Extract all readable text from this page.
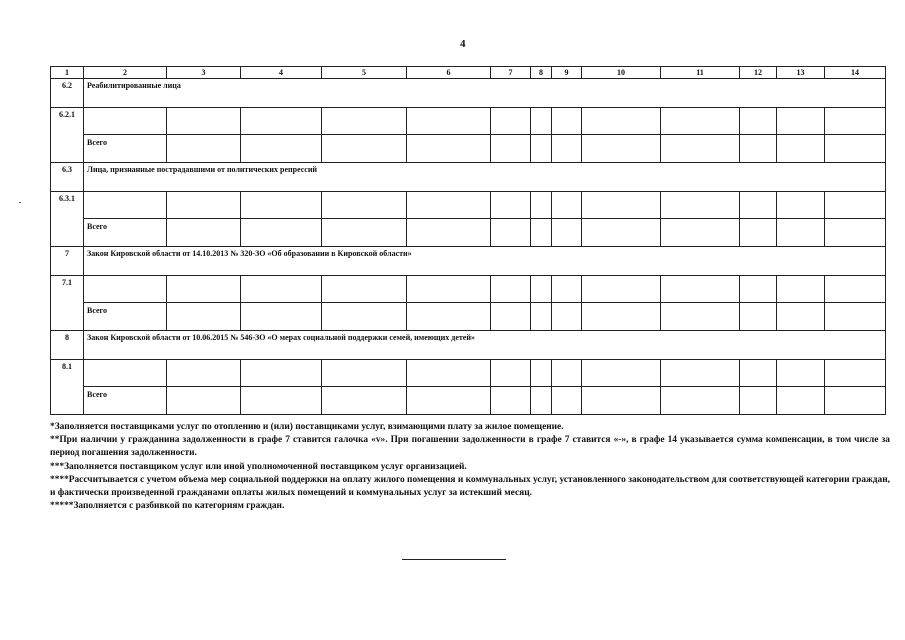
4
1	2	3	4	5	6	7	8	9	10	11	12	13	14
6.2	Реабилитированные лица												
6.2.1													
	Всего												
6.3	Лица, признанные пострадавшими от политических репрессий												
6.3.1													
	Всего												
7	Закон Кировской области от 14.10.2013 № 320-ЗО «Об образовании в Кировской области»												
7.1													
	Всего												
8	Закон Кировской области от 10.06.2015 № 546-ЗО «О мерах социальной поддержки семей, имеющих детей»												
8.1													
	Всего												

*Заполняется поставщиками услуг по отоплению и (или) поставщиками услуг, взимающими плату за жилое помещение.

**При наличии у гражданина задолженности в графе 7 ставится галочка «v». При погашении задолженности в графе 7 ставится «-», в графе 14 указывается сумма компенсации, в том числе за период погашения задолженности.

***Заполняется поставщиком услуг или иной уполномоченной поставщиком услуг организацией.

****Рассчитывается с учетом объема мер социальной поддержки на оплату жилого помещения и коммунальных услуг, установленного законодательством для соответствующей категории граждан, и фактически произведенной гражданами оплаты жилых помещений и коммунальных услуг за истекший месяц.

*****Заполняется с разбивкой по категориям граждан.
